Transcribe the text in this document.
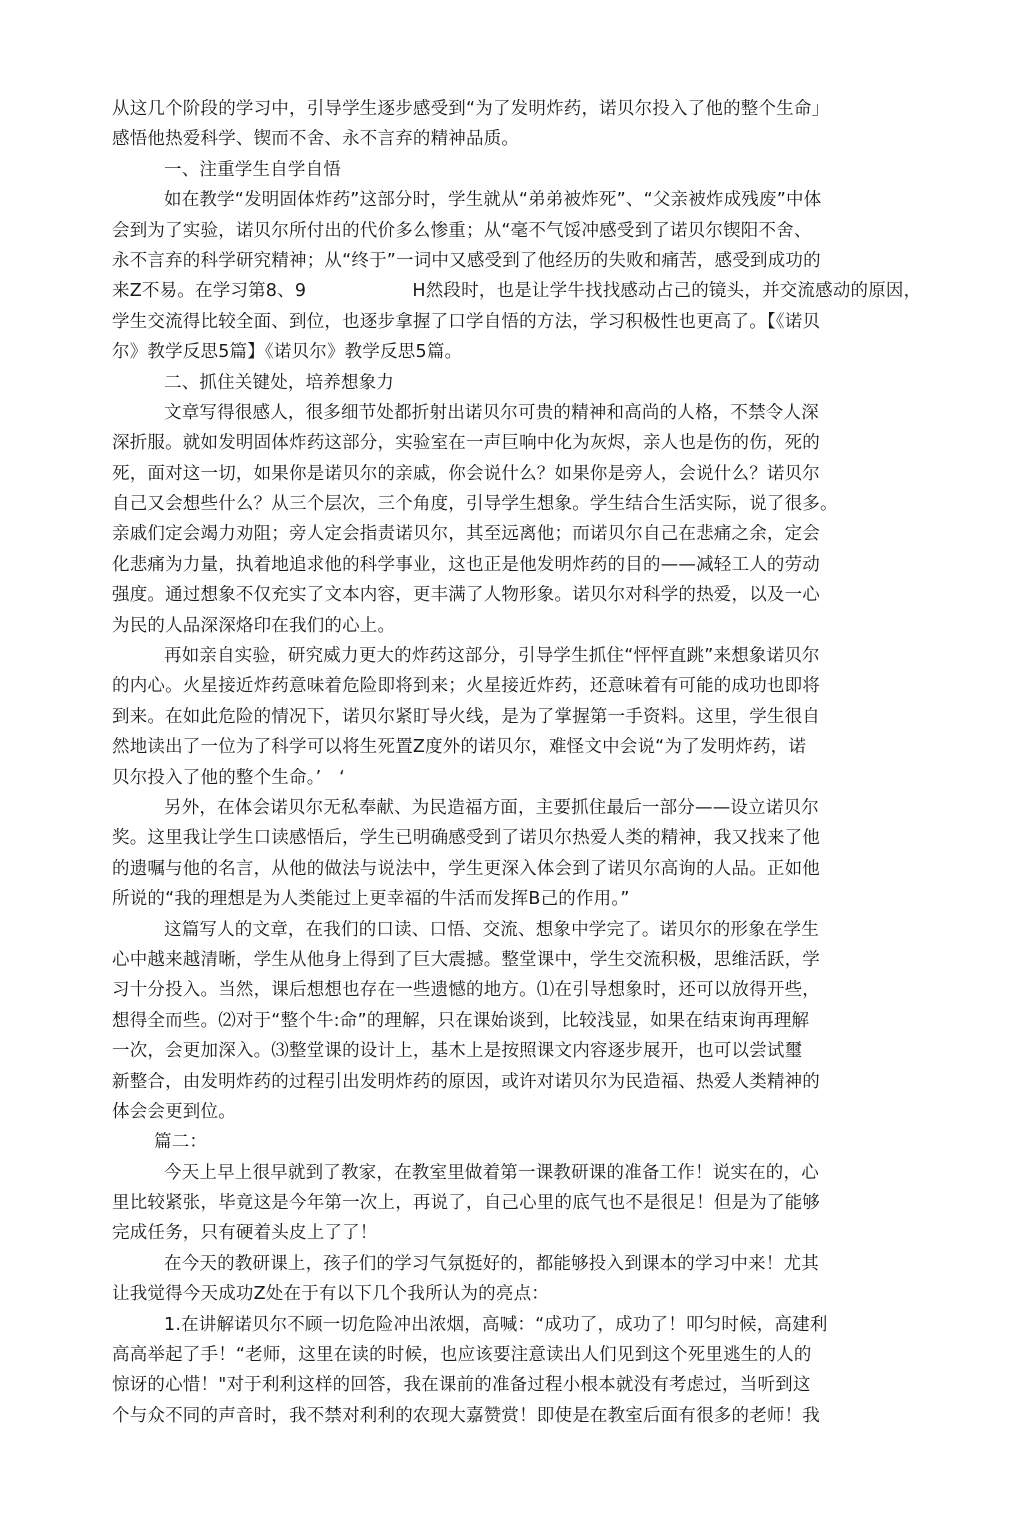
从这几个阶段的学习中，引导学生逐步感受到“为了发明炸药，诺贝尔投入了他的整个生命」
感悟他热爱科学、锲而不舍、永不言弃的精神品质。
一、注重学生自学自悟
如在教学“发明固体炸药”这部分时，学生就从“弟弟被炸死”、“父亲被炸成残废”中体
会到为了实验，诺贝尔所付出的代价多么惨重；从“毫不气馁冲感受到了诺贝尔锲阳不舍、
永不言弃的科学研究精神；从“终于”一词中又感受到了他经历的失败和痛苦，感受到成功的
来Z不易。在学习第8、9　　　　　　H然段时，也是让学牛找找感动占己的镜头，并交流感动的原因，
学生交流得比较全面、到位，也逐步拿握了口学自悟的方法，学习积极性也更高了。【《诺贝
尔》教学反思5篇】《诺贝尔》教学反思5篇。
二、抓住关键处，培养想象力
文章写得很感人，很多细节处都折射出诺贝尔可贵的精神和高尚的人格，不禁令人深
深折服。就如发明固体炸药这部分，实验室在一声巨响中化为灰烬，亲人也是伤的伤，死的
死，面对这一切，如果你是诺贝尔的亲戚，你会说什么？如果你是旁人，会说什么？诺贝尔
自己又会想些什么？从三个层次，三个角度，引导学生想象。学生结合生活实际，说了很多。
亲戚们定会竭力劝阻；旁人定会指责诺贝尔，其至远离他；而诺贝尔自己在悲痛之余，定会
化悲痛为力量，执着地追求他的科学事业，这也正是他发明炸药的目的——减轻工人的劳动
强度。通过想象不仅充实了文本内容，更丰满了人物形象。诺贝尔对科学的热爱，以及一心
为民的人品深深烙印在我们的心上。
再如亲自实验，研究威力更大的炸药这部分，引导学生抓住“怦怦直跳”来想象诺贝尔
的内心。火星接近炸药意味着危险即将到来；火星接近炸药，还意味着有可能的成功也即将
到来。在如此危险的情况下，诺贝尔紧盯导火线，是为了掌握第一手资料。这里，学生很自
然地读出了一位为了科学可以将生死置Z度外的诺贝尔，难怪文中会说“为了发明炸药，诺
贝尔投入了他的整个生命。’　‘
另外，在体会诺贝尔无私奉献、为民造福方面，主要抓住最后一部分——设立诺贝尔
奖。这里我让学生口读感悟后，学生已明确感受到了诺贝尔热爱人类的精神，我又找来了他
的遗嘱与他的名言，从他的做法与说法中，学生更深入体会到了诺贝尔高询的人品。正如他
所说的“我的理想是为人类能过上更幸福的牛活而发挥B己的作用。”
这篇写人的文章，在我们的口读、口悟、交流、想象中学完了。诺贝尔的形象在学生
心中越来越清晰，学生从他身上得到了巨大震撼。整堂课中，学生交流积极，思维活跃，学
习十分投入。当然，课后想想也存在一些遗憾的地方。⑴在引导想象时，还可以放得开些，
想得全而些。⑵对于“整个牛:命”的理解，只在课始谈到，比较浅显，如果在结束询再理解
一次，会更加深入。⑶整堂课的设计上，基木上是按照课文内容逐步展开，也可以尝试璽
新整合，由发明炸药的过程引出发明炸药的原因，或许对诺贝尔为民造福、热爱人类精神的
体会会更到位。
篇二：
今天上早上很早就到了教家，在教室里做着第一课教研课的准备工作！说实在的，心
里比较紧张，毕竟这是今年第一次上，再说了，自己心里的底气也不是很足！但是为了能够
完成任务，只有硬着头皮上了了！
在今天的教研课上，孩子们的学习气氛挺好的，都能够投入到课本的学习中来！尤其
让我觉得今天成功Z处在于有以下几个我所认为的亮点：
1.在讲解诺贝尔不顾一切危险冲出浓烟，高喊：“成功了，成功了！叩匀时候，高建利
高高举起了手！“老师，这里在读的时候，也应该要注意读出人们见到这个死里逃生的人的
惊讶的心惜！"对于利利这样的回答，我在课前的准备过程小根本就没有考虑过，当听到这
个与众不同的声音时，我不禁对利利的农现大嘉赞赏！即使是在教室后面有很多的老师！我
